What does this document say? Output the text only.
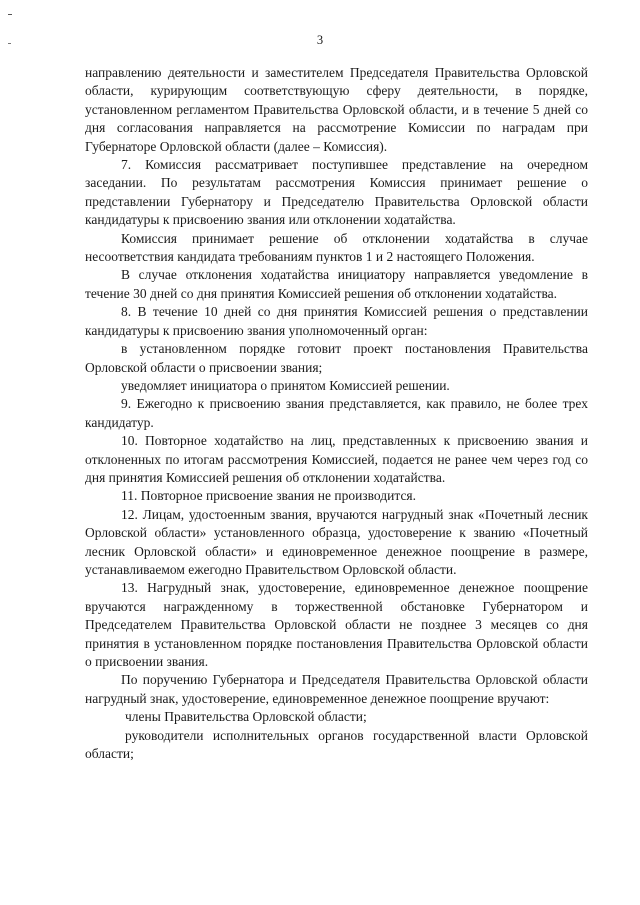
3

направлению деятельности и заместителем Председателя Правительства Орловской области, курирующим соответствующую сферу деятельности, в порядке, установленном регламентом Правительства Орловской области, и в течение 5 дней со дня согласования направляется на рассмотрение Комиссии по наградам при Губернаторе Орловской области (далее – Комиссия).

7. Комиссия рассматривает поступившее представление на очередном заседании. По результатам рассмотрения Комиссия принимает решение о представлении Губернатору и Председателю Правительства Орловской области кандидатуры к присвоению звания или отклонении ходатайства.

Комиссия принимает решение об отклонении ходатайства в случае несоответствия кандидата требованиям пунктов 1 и 2 настоящего Положения.

В случае отклонения ходатайства инициатору направляется уведомление в течение 30 дней со дня принятия Комиссией решения об отклонении ходатайства.

8. В течение 10 дней со дня принятия Комиссией решения о представлении кандидатуры к присвоению звания уполномоченный орган:

в установленном порядке готовит проект постановления Правительства Орловской области о присвоении звания;

уведомляет инициатора о принятом Комиссией решении.

9. Ежегодно к присвоению звания представляется, как правило, не более трех кандидатур.

10. Повторное ходатайство на лиц, представленных к присвоению звания и отклоненных по итогам рассмотрения Комиссией, подается не ранее чем через год со дня принятия Комиссией решения об отклонении ходатайства.

11. Повторное присвоение звания не производится.

12. Лицам, удостоенным звания, вручаются нагрудный знак «Почетный лесник Орловской области» установленного образца, удостоверение к званию «Почетный лесник Орловской области» и единовременное денежное поощрение в размере, устанавливаемом ежегодно Правительством Орловской области.

13. Нагрудный знак, удостоверение, единовременное денежное поощрение вручаются награжденному в торжественной обстановке Губернатором и Председателем Правительства Орловской области не позднее 3 месяцев со дня принятия в установленном порядке постановления Правительства Орловской области о присвоении звания.

По поручению Губернатора и Председателя Правительства Орловской области нагрудный знак, удостоверение, единовременное денежное поощрение вручают:

члены Правительства Орловской области;

руководители исполнительных органов государственной власти Орловской области;
